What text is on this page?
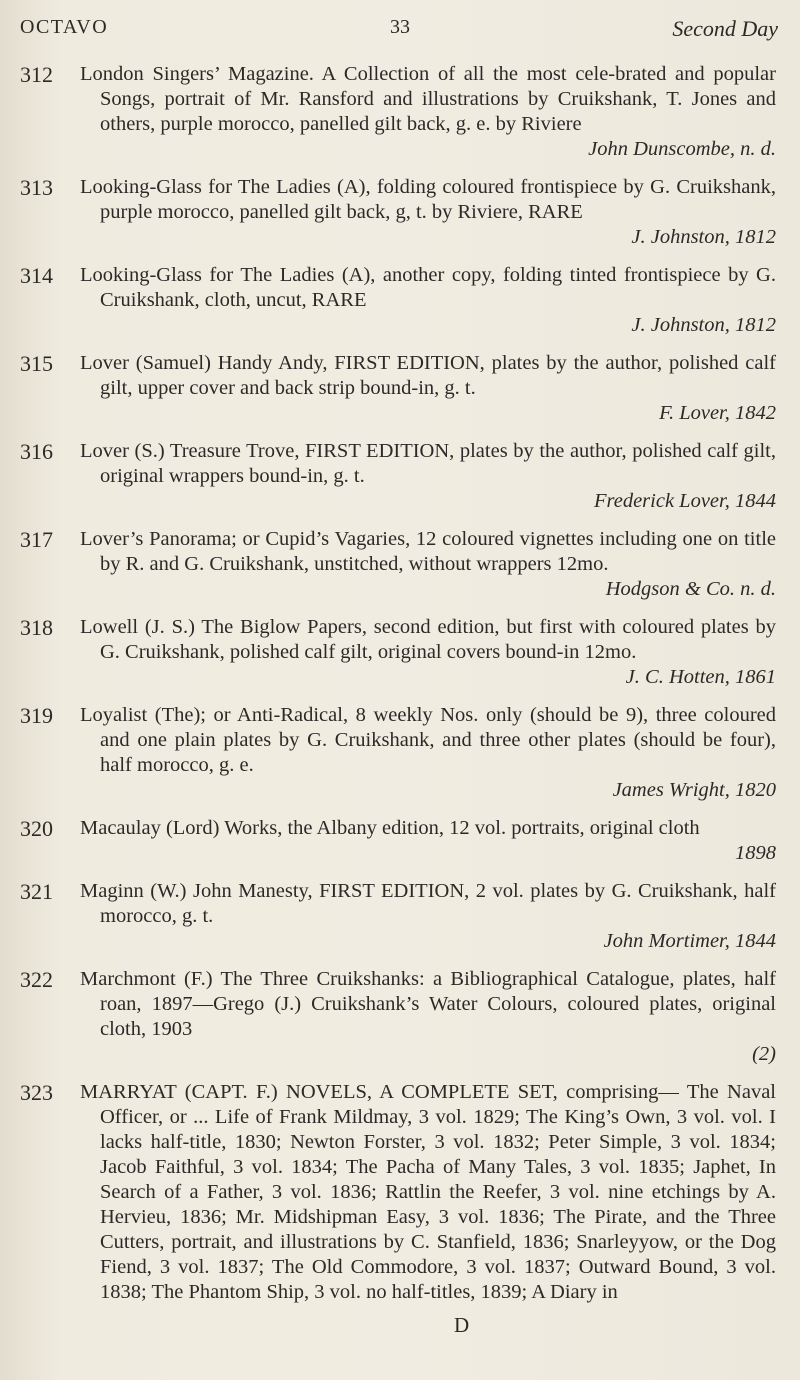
OCTAVO	33	Second Day
312	London Singers’ Magazine. A Collection of all the most cele-brated and popular Songs, portrait of Mr. Ransford and illustrations by Cruikshank, T. Jones and others, purple morocco, panelled gilt back, g. e. by Riviere
John Dunscombe, n. d.
313	Looking-Glass for The Ladies (A), folding coloured frontispiece by G. Cruikshank, purple morocco, panelled gilt back, g, t. by Riviere, RARE
J. Johnston, 1812
314	Looking-Glass for The Ladies (A), another copy, folding tinted frontispiece by G. Cruikshank, cloth, uncut, RARE
J. Johnston, 1812
315	Lover (Samuel) Handy Andy, FIRST EDITION, plates by the author, polished calf gilt, upper cover and back strip bound-in, g. t.
F. Lover, 1842
316	Lover (S.) Treasure Trove, FIRST EDITION, plates by the author, polished calf gilt, original wrappers bound-in, g. t.
Frederick Lover, 1844
317	Lover’s Panorama; or Cupid’s Vagaries, 12 coloured vignettes including one on title by R. and G. Cruikshank, unstitched, without wrappers 12mo.
Hodgson & Co. n. d.
318	Lowell (J. S.) The Biglow Papers, second edition, but first with coloured plates by G. Cruikshank, polished calf gilt, original covers bound-in 12mo.
J. C. Hotten, 1861
319	Loyalist (The); or Anti-Radical, 8 weekly Nos. only (should be 9), three coloured and one plain plates by G. Cruikshank, and three other plates (should be four), half morocco, g. e.
James Wright, 1820
320	Macaulay (Lord) Works, the Albany edition, 12 vol. portraits, original cloth
1898
321	Maginn (W.) John Manesty, FIRST EDITION, 2 vol. plates by G. Cruikshank, half morocco, g. t.
John Mortimer, 1844
322	Marchmont (F.) The Three Cruikshanks: a Bibliographical Catalogue, plates, half roan, 1897—Grego (J.) Cruikshank’s Water Colours, coloured plates, original cloth, 1903
(2)
323	MARRYAT (CAPT. F.) NOVELS, A COMPLETE SET, comprising— The Naval Officer, or ... Life of Frank Mildmay, 3 vol. 1829; The King’s Own, 3 vol. vol. I lacks half-title, 1830; Newton Forster, 3 vol. 1832; Peter Simple, 3 vol. 1834; Jacob Faithful, 3 vol. 1834; The Pacha of Many Tales, 3 vol. 1835; Japhet, In Search of a Father, 3 vol. 1836; Rattlin the Reefer, 3 vol. nine etchings by A. Hervieu, 1836; Mr. Midshipman Easy, 3 vol. 1836; The Pirate, and the Three Cutters, portrait, and illustrations by C. Stanfield, 1836; Snarleyyow, or the Dog Fiend, 3 vol. 1837; The Old Commodore, 3 vol. 1837; Outward Bound, 3 vol. 1838; The Phantom Ship, 3 vol. no half-titles, 1839; A Diary in
D
